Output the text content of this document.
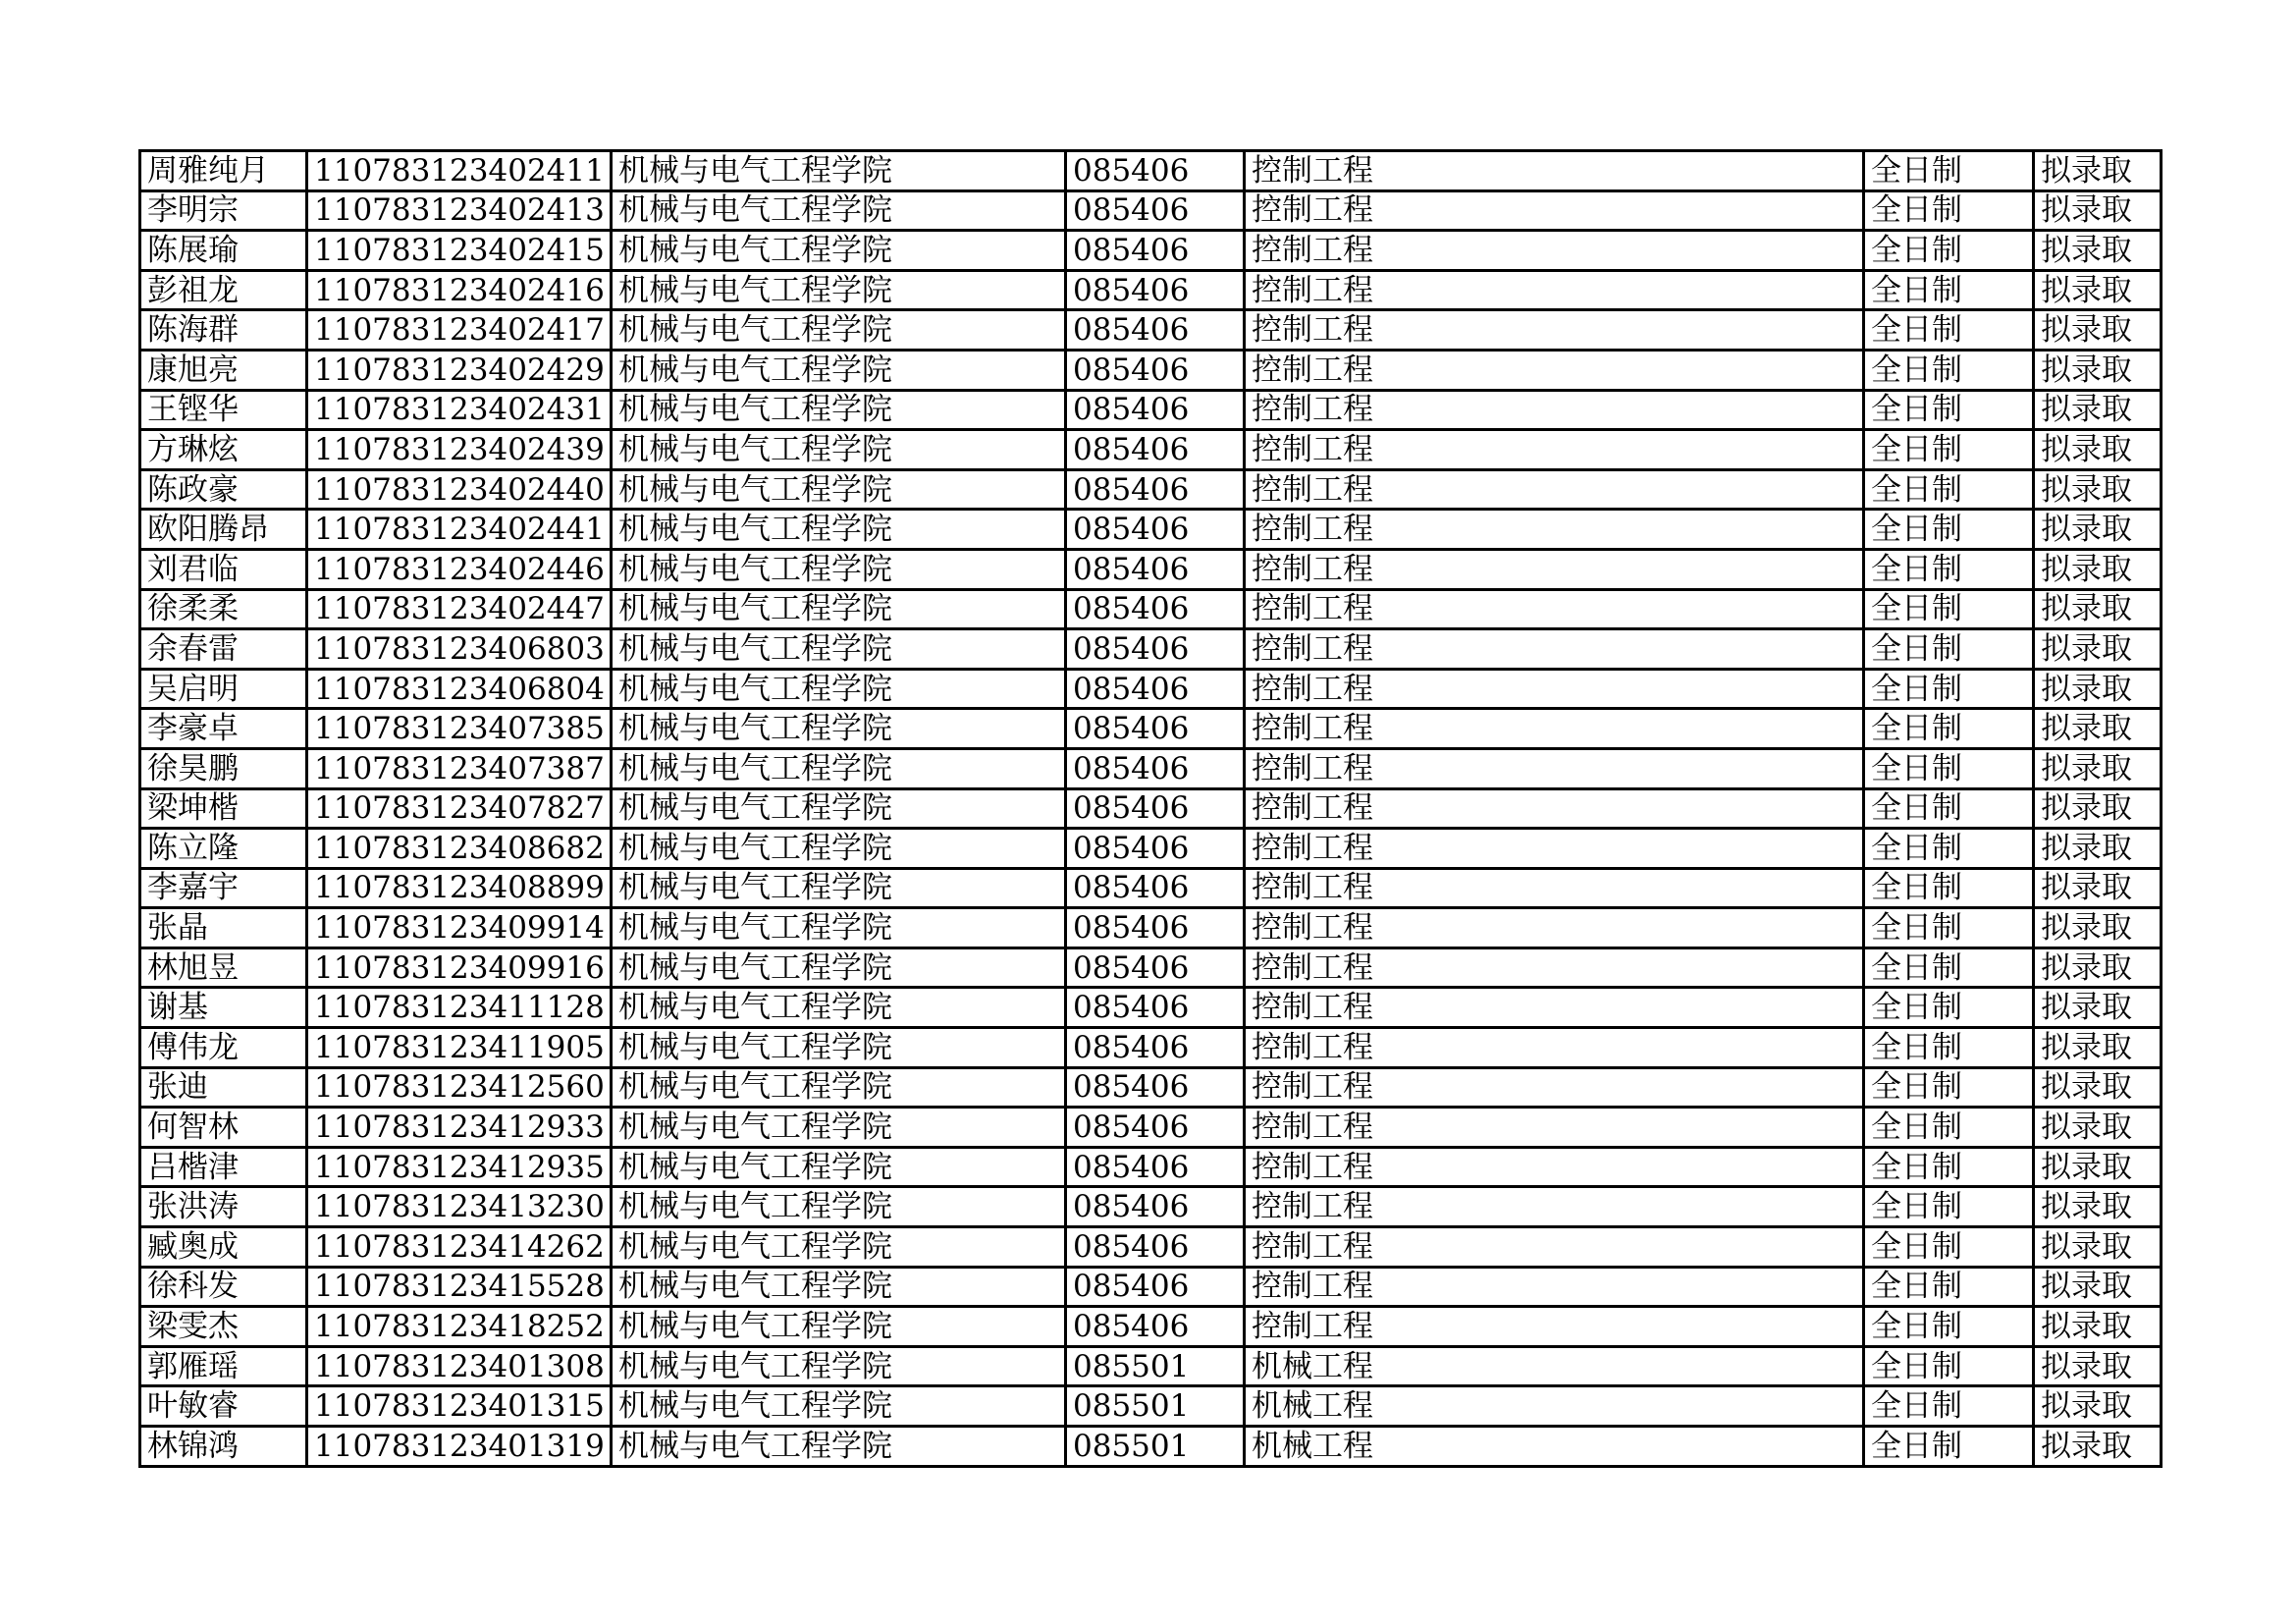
周雅纯月	110783123402411	机械与电气工程学院	085406	控制工程	全日制	拟录取
李明宗	110783123402413	机械与电气工程学院	085406	控制工程	全日制	拟录取
陈展瑜	110783123402415	机械与电气工程学院	085406	控制工程	全日制	拟录取
彭祖龙	110783123402416	机械与电气工程学院	085406	控制工程	全日制	拟录取
陈海群	110783123402417	机械与电气工程学院	085406	控制工程	全日制	拟录取
康旭亮	110783123402429	机械与电气工程学院	085406	控制工程	全日制	拟录取
王铿华	110783123402431	机械与电气工程学院	085406	控制工程	全日制	拟录取
方琳炫	110783123402439	机械与电气工程学院	085406	控制工程	全日制	拟录取
陈政豪	110783123402440	机械与电气工程学院	085406	控制工程	全日制	拟录取
欧阳腾昂	110783123402441	机械与电气工程学院	085406	控制工程	全日制	拟录取
刘君临	110783123402446	机械与电气工程学院	085406	控制工程	全日制	拟录取
徐柔柔	110783123402447	机械与电气工程学院	085406	控制工程	全日制	拟录取
余春雷	110783123406803	机械与电气工程学院	085406	控制工程	全日制	拟录取
吴启明	110783123406804	机械与电气工程学院	085406	控制工程	全日制	拟录取
李豪卓	110783123407385	机械与电气工程学院	085406	控制工程	全日制	拟录取
徐昊鹏	110783123407387	机械与电气工程学院	085406	控制工程	全日制	拟录取
梁坤楷	110783123407827	机械与电气工程学院	085406	控制工程	全日制	拟录取
陈立隆	110783123408682	机械与电气工程学院	085406	控制工程	全日制	拟录取
李嘉宇	110783123408899	机械与电气工程学院	085406	控制工程	全日制	拟录取
张晶	110783123409914	机械与电气工程学院	085406	控制工程	全日制	拟录取
林旭昱	110783123409916	机械与电气工程学院	085406	控制工程	全日制	拟录取
谢基	110783123411128	机械与电气工程学院	085406	控制工程	全日制	拟录取
傅伟龙	110783123411905	机械与电气工程学院	085406	控制工程	全日制	拟录取
张迪	110783123412560	机械与电气工程学院	085406	控制工程	全日制	拟录取
何智林	110783123412933	机械与电气工程学院	085406	控制工程	全日制	拟录取
吕楷津	110783123412935	机械与电气工程学院	085406	控制工程	全日制	拟录取
张洪涛	110783123413230	机械与电气工程学院	085406	控制工程	全日制	拟录取
臧奥成	110783123414262	机械与电气工程学院	085406	控制工程	全日制	拟录取
徐科发	110783123415528	机械与电气工程学院	085406	控制工程	全日制	拟录取
梁雯杰	110783123418252	机械与电气工程学院	085406	控制工程	全日制	拟录取
郭雁瑶	110783123401308	机械与电气工程学院	085501	机械工程	全日制	拟录取
叶敏睿	110783123401315	机械与电气工程学院	085501	机械工程	全日制	拟录取
林锦鸿	110783123401319	机械与电气工程学院	085501	机械工程	全日制	拟录取
